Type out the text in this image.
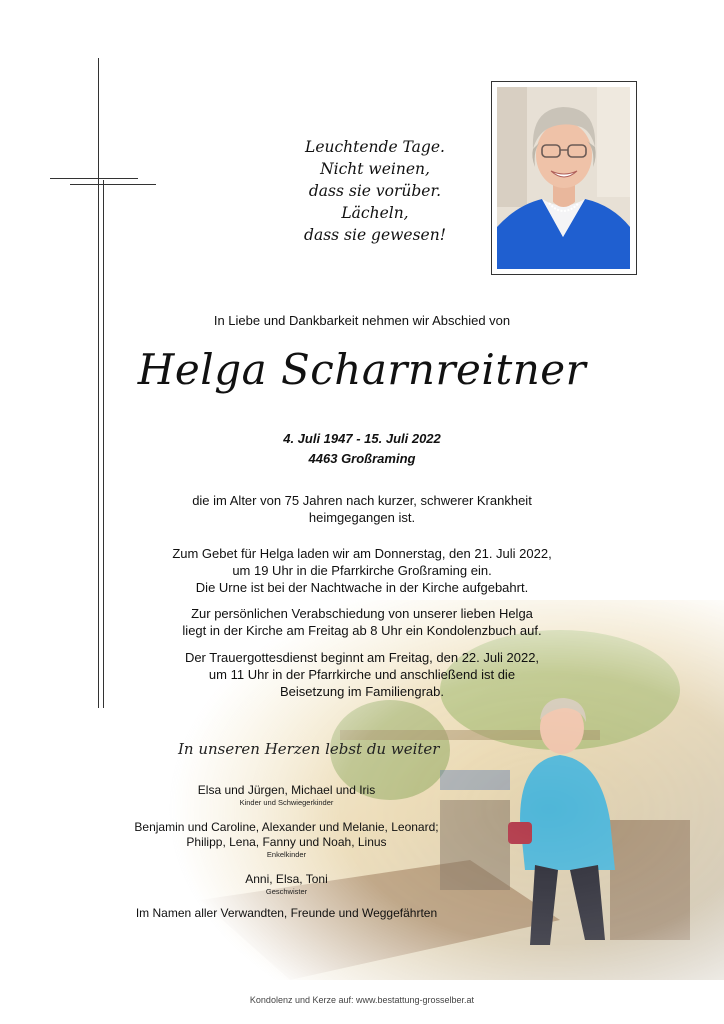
Leuchtende Tage.
Nicht weinen,
dass sie vorüber.
Lächeln,
dass sie gewesen!
In Liebe und Dankbarkeit nehmen wir Abschied von
Helga Scharnreitner
4. Juli 1947 - 15. Juli 2022
4463 Großraming
die im Alter von 75 Jahren nach kurzer, schwerer Krankheit
heimgegangen ist.
Zum Gebet für Helga laden wir am Donnerstag, den 21. Juli 2022,
um 19 Uhr in die Pfarrkirche Großraming ein.
Die Urne ist bei der Nachtwache in der Kirche aufgebahrt.
Zur persönlichen Verabschiedung von unserer lieben Helga
liegt in der Kirche am Freitag ab 8 Uhr ein Kondolenzbuch auf.
Der Trauergottesdienst beginnt am Freitag, den 22. Juli 2022,
um 11 Uhr in der Pfarrkirche und anschließend ist die
Beisetzung im Familiengrab.
In unseren Herzen lebst du weiter
Elsa und Jürgen, Michael und Iris
Kinder und Schwiegerkinder
Benjamin und Caroline, Alexander und Melanie, Leonard;
Philipp, Lena, Fanny und Noah, Linus
Enkelkinder
Anni, Elsa, Toni
Geschwister
Im Namen aller Verwandten, Freunde und Weggefährten
Kondolenz und Kerze auf: www.bestattung-grosselber.at
